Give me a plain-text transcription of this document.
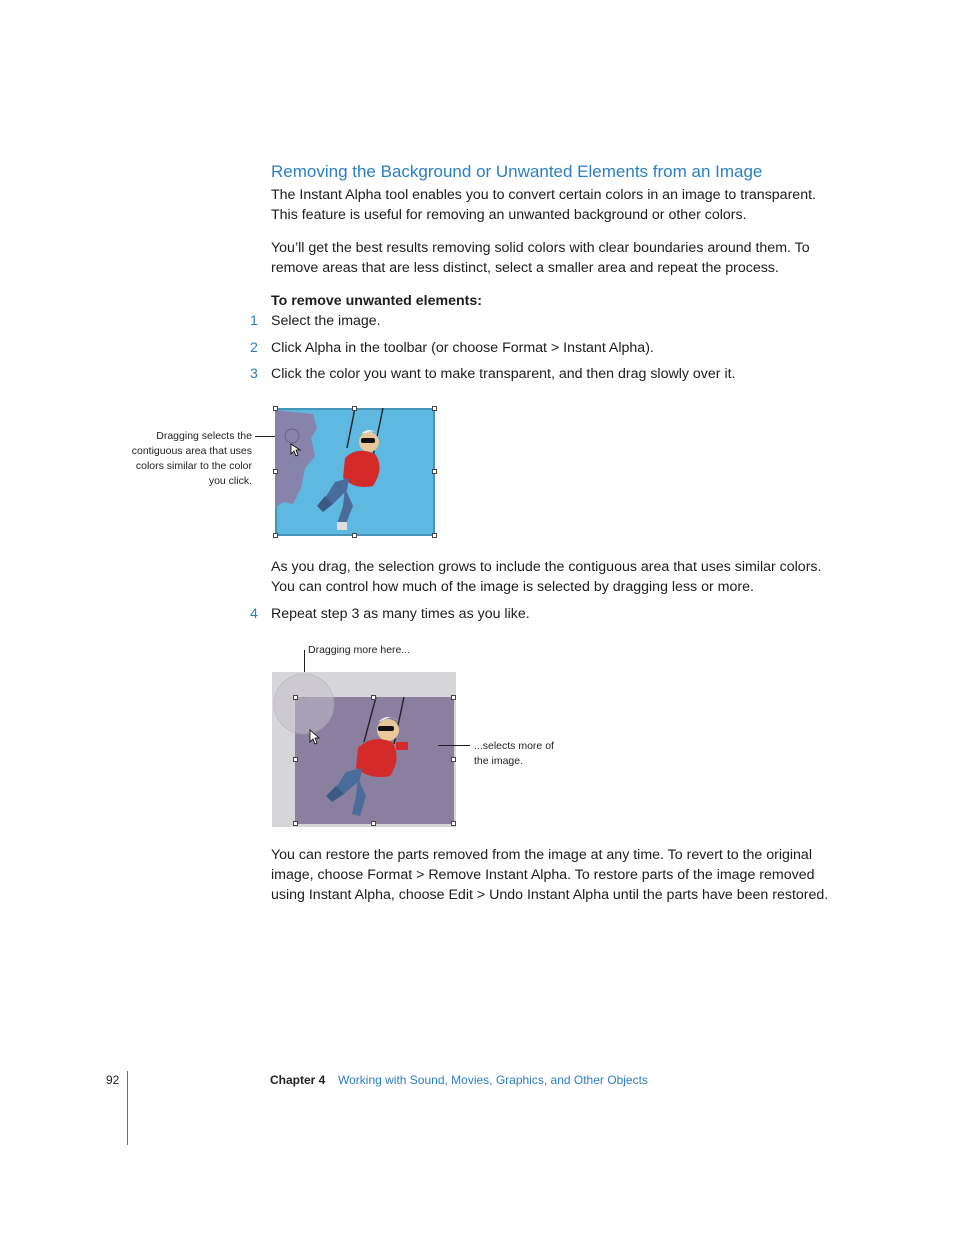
Removing the Background or Unwanted Elements from an Image
The Instant Alpha tool enables you to convert certain colors in an image to transparent. This feature is useful for removing an unwanted background or other colors.
You’ll get the best results removing solid colors with clear boundaries around them. To remove areas that are less distinct, select a smaller area and repeat the process.
To remove unwanted elements:
1 Select the image.
2 Click Alpha in the toolbar (or choose Format > Instant Alpha).
3 Click the color you want to make transparent, and then drag slowly over it.
Dragging selects the contiguous area that uses colors similar to the color you click.
As you drag, the selection grows to include the contiguous area that uses similar colors. You can control how much of the image is selected by dragging less or more.
4 Repeat step 3 as many times as you like.
Dragging more here...
...selects more of the image.
You can restore the parts removed from the image at any time. To revert to the original image, choose Format > Remove Instant Alpha. To restore parts of the image removed using Instant Alpha, choose Edit > Undo Instant Alpha until the parts have been restored.
92	Chapter 4 Working with Sound, Movies, Graphics, and Other Objects
